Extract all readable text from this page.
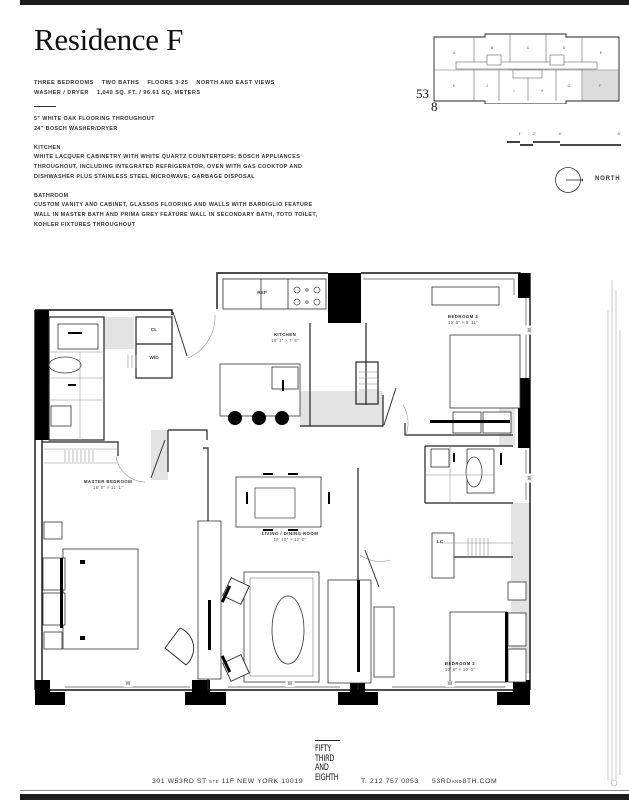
Residence F
THREE BEDROOMS TWO BATHS FLOORS 3-25 NORTH AND EAST VIEWS
WASHER / DRYER 1,040 SQ. FT. / 96.61 SQ. METERS
5" WHITE OAK FLOORING THROUGHOUT
24" BOSCH WASHER/DRYER
KITCHEN
WHITE LACQUER CABINETRY WITH WHITE QUARTZ COUNTERTOPS; BOSCH APPLIANCES
THROUGHOUT, INCLUDING INTEGRATED REFRIGERATOR, OVEN WITH GAS COOKTOP AND
DISHWASHER PLUS STAINLESS STEEL MICROWAVE; GARBAGE DISPOSAL
BATHROOM
CUSTOM VANITY AND CABINET, GLASSOS FLOORING AND WALLS WITH BARDIGLIO FEATURE
WALL IN MASTER BATH AND PRIMA GREY FEATURE WALL IN SECONDARY BATH, TOTO TOILET,
KOHLER FIXTURES THROUGHOUT
A
B	C	D
E
K	J
I	H
G	F
53
8
1'	2'	4'	8'
NORTH
KITCHEN
10' 1" × 7' 5"
BEDROOM 3
10' 5" × 9' 11"
MASTER BEDROOM
16' 0" × 11' 1"
LIVING / DINING ROOM
18' 10" × 12' 0"
BEDROOM 2
10' 8" × 10' 0"
REF
CL
W/D
LC
W	W	W
W
W
301 W53RD ST STE 11F NEW YORK 10019
FIFTY
THIRD
AND
EIGHTH	T. 212 757 0053 53RDAND8TH.COM
